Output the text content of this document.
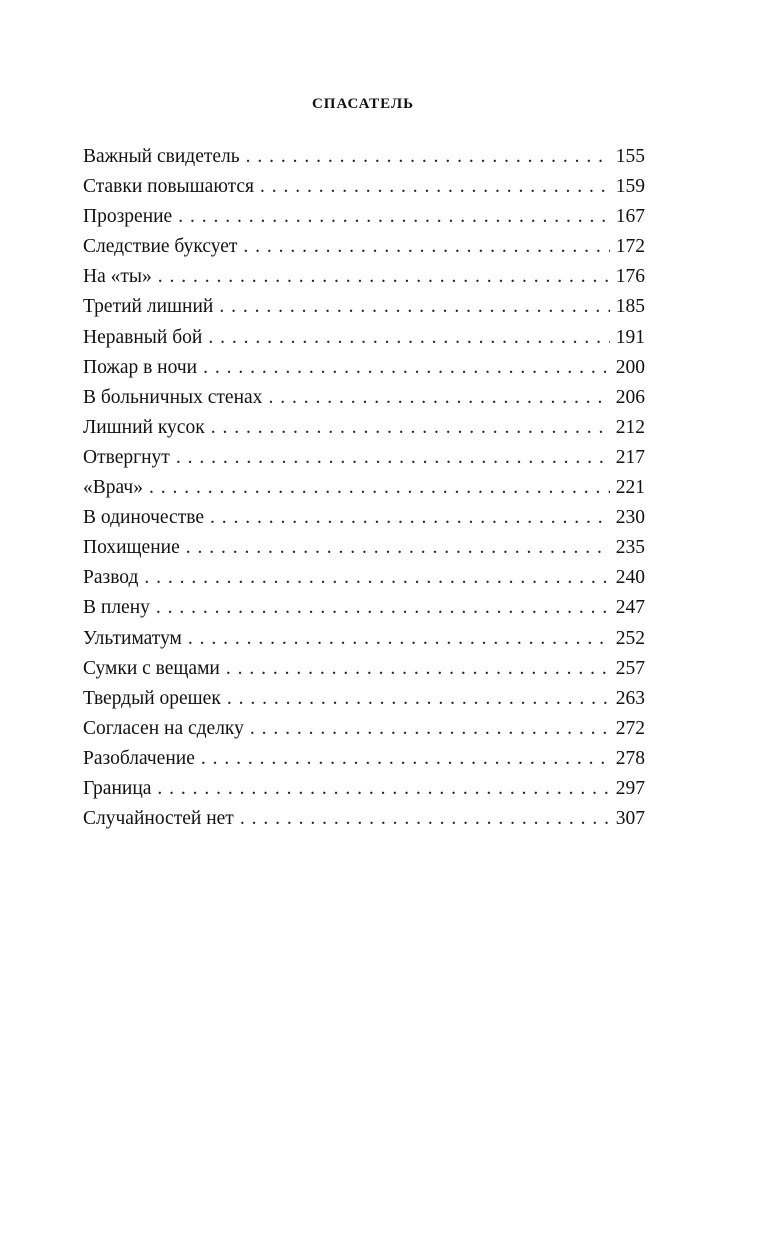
СПАСАТЕЛЬ
Важный свидетель . . .	155
Ставки повышаются . . .	159
Прозрение . . .	167
Следствие буксует . . .	172
На «ты» . . .	176
Третий лишний . . .	185
Неравный бой . . .	191
Пожар в ночи . . .	200
В больничных стенах . . .	206
Лишний кусок . . .	212
Отвергнут . . .	217
«Врач» . . .	221
В одиночестве . . .	230
Похищение . . .	235
Развод . . .	240
В плену . . .	247
Ультиматум . . .	252
Сумки с вещами . . .	257
Твердый орешек . . .	263
Согласен на сделку . . .	272
Разоблачение . . .	278
Граница . . .	297
Случайностей нет . . .	307
